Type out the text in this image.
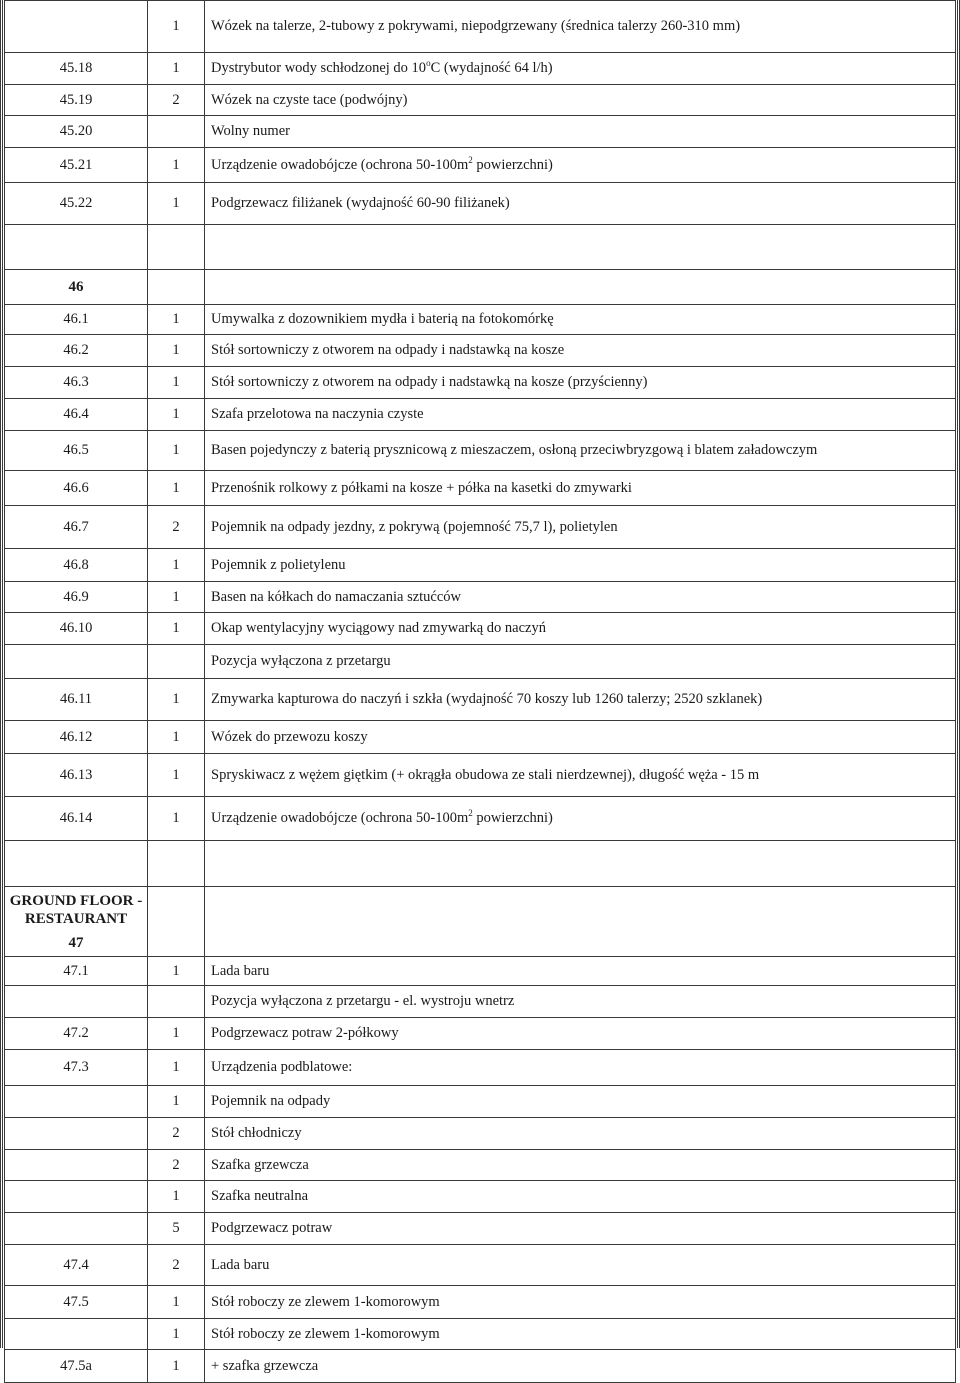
	1	Wózek na talerze, 2-tubowy z pokrywami, niepodgrzewany (średnica talerzy 260-310 mm)
45.18	1	Dystrybutor wody schłodzonej do 10$^o$C (wydajność 64 l/h)
45.19	2	Wózek na czyste tace (podwójny)
45.20		Wolny numer
45.21	1	Urządzenie owadobójcze (ochrona $50-100m^2$ powierzchni)
45.22	1	Podgrzewacz filiżanek (wydajność 60-90 filiżanek)

46		

46.1	1	Umywalka z dozownikiem mydła i baterią na fotokomórkę
46.2	1	Stół sortowniczy z otworem na odpady i nadstawką na kosze
46.3	1	Stół sortowniczy z otworem na odpady i nadstawką na kosze (przyścienny)
46.4	1	Szafa przelotowa na naczynia czyste
46.5	1	Basen pojedynczy z baterią prysznicową z mieszaczem, osłoną przeciwbryzgową i blatem załadowczym
46.6	1	Przenośnik rolkowy z półkami na kosze + półka na kasetki do zmywarki
46.7	2	Pojemnik na odpady jezdny, z pokrywą (pojemność 75,7 l), polietylen
46.8	1	Pojemnik z polietylenu
46.9	1	Basen na kółkach do namaczania sztućców
46.10	1	Okap wentylacyjny wyciągowy nad zmywarką do naczyń
		Pozycja wyłączona z przetargu
46.11	1	Zmywarka kapturowa do naczyń i szkła (wydajność 70 koszy lub 1260 talerzy; 2520 szklanek)
46.12	1	Wózek do przewozu koszy
46.13	1	Spryskiwacz z wężem giętkim (+ okrągła obudowa ze stali nierdzewnej), długość węża - 15 m
46.14	1	Urządzenie owadobójcze (ochrona $50-100m^2$ powierzchni)

GROUND FLOOR - RESTAURANT
47		

47.1	1	Lada baru
		Pozycja wyłączona z przetargu - el. wystroju wnetrz
47.2	1	Podgrzewacz potraw 2-półkowy
47.3	1	Urządzenia podblatowe:
	1	Pojemnik na odpady
	2	Stół chłodniczy
	2	Szafka grzewcza
	1	Szafka neutralna
	5	Podgrzewacz potraw
47.4	2	Lada baru
47.5	1	Stół roboczy ze zlewem 1-komorowym
	1	Stół roboczy ze zlewem 1-komorowym
47.5a	1	+ szafka grzewcza
